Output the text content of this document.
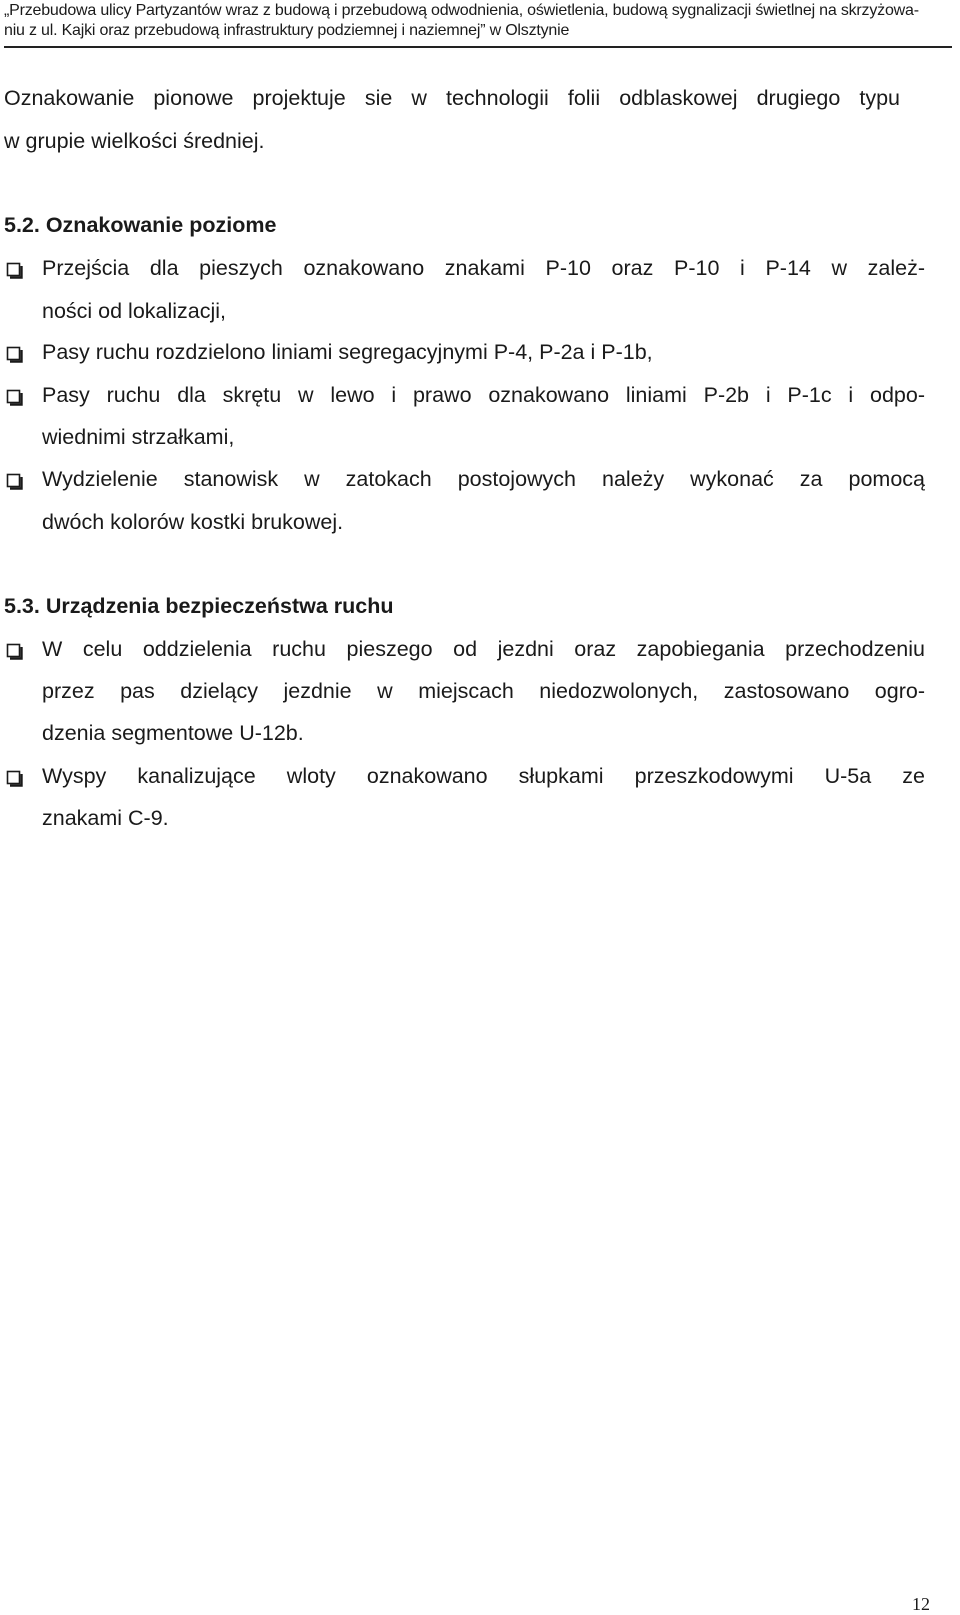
„Przebudowa ulicy Partyzantów wraz z budową i przebudową odwodnienia, oświetlenia, budową sygnalizacji świetlnej na skrzyżowa-
niu z ul. Kajki oraz przebudową infrastruktury podziemnej i naziemnej” w Olsztynie
Oznakowanie pionowe projektuje sie w technologii folii odblaskowej drugiego typu
w grupie wielkości średniej.
5.2. Oznakowanie poziome
Przejścia dla pieszych oznakowano znakami P-10 oraz P-10 i P-14 w zależ-
ności od lokalizacji,
Pasy ruchu rozdzielono liniami segregacyjnymi P-4, P-2a i P-1b,
Pasy ruchu dla skrętu w lewo i prawo oznakowano liniami P-2b i P-1c i odpo-
wiednimi strzałkami,
Wydzielenie stanowisk w zatokach postojowych należy wykonać za pomocą
dwóch kolorów kostki brukowej.
5.3. Urządzenia bezpieczeństwa ruchu
W celu oddzielenia ruchu pieszego od jezdni oraz zapobiegania przechodzeniu
przez pas dzielący jezdnie w miejscach niedozwolonych, zastosowano ogro-
dzenia segmentowe U-12b.
Wyspy kanalizujące wloty oznakowano słupkami przeszkodowymi U-5a ze
znakami C-9.
12
